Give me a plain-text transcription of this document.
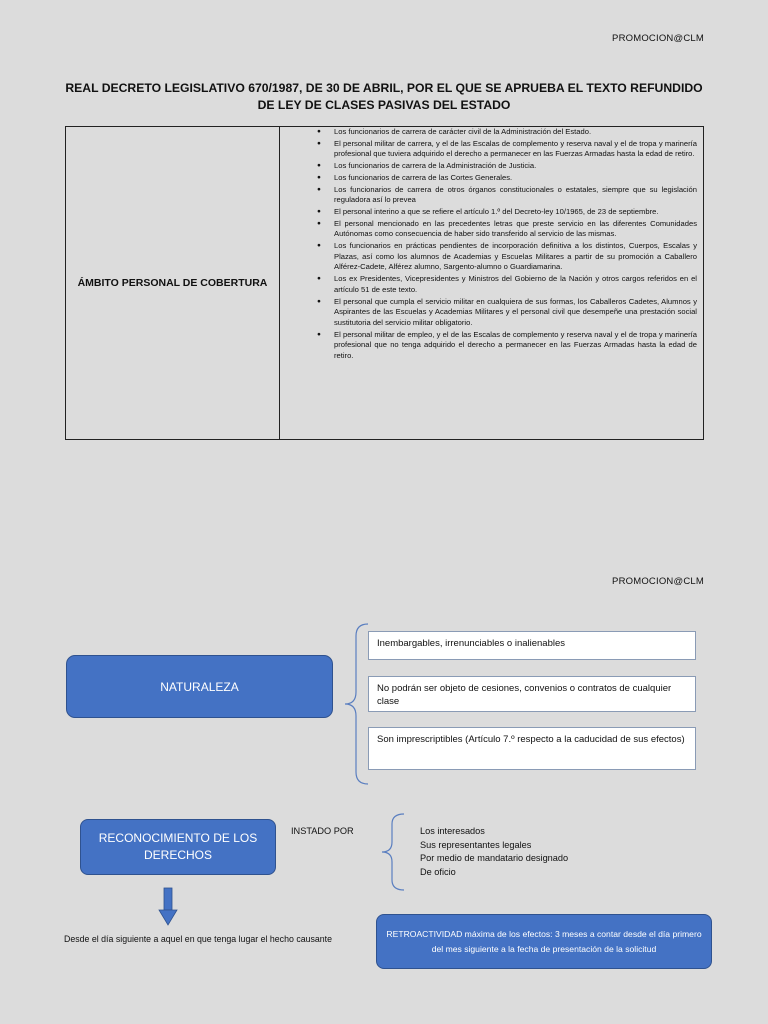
PROMOCION@CLM
REAL DECRETO LEGISLATIVO 670/1987, DE 30 DE ABRIL, POR EL QUE SE APRUEBA EL TEXTO REFUNDIDO DE LEY DE CLASES PASIVAS DEL ESTADO
ÁMBITO PERSONAL DE COBERTURA
● Los funcionarios de carrera de carácter civil de la Administración del Estado.
● El personal militar de carrera, y el de las Escalas de complemento y reserva naval y el de tropa y marinería profesional que tuviera adquirido el derecho a permanecer en las Fuerzas Armadas hasta la edad de retiro.
● Los funcionarios de carrera de la Administración de Justicia.
● Los funcionarios de carrera de las Cortes Generales.
● Los funcionarios de carrera de otros órganos constitucionales o estatales, siempre que su legislación reguladora así lo prevea
● El personal interino a que se refiere el artículo 1.º del Decreto-ley 10/1965, de 23 de septiembre.
● El personal mencionado en las precedentes letras que preste servicio en las diferentes Comunidades Autónomas como consecuencia de haber sido transferido al servicio de las mismas.
● Los funcionarios en prácticas pendientes de incorporación definitiva a los distintos, Cuerpos, Escalas y Plazas, así como los alumnos de Academias y Escuelas Militares a partir de su promoción a Caballero Alférez-Cadete, Alférez alumno, Sargento-alumno o Guardiamarina.
● Los ex Presidentes, Vicepresidentes y Ministros del Gobierno de la Nación y otros cargos referidos en el artículo 51 de este texto.
● El personal que cumpla el servicio militar en cualquiera de sus formas, los Caballeros Cadetes, Alumnos y Aspirantes de las Escuelas y Academias Militares y el personal civil que desempeñe una prestación social sustitutoria del servicio militar obligatorio.
● El personal militar de empleo, y el de las Escalas de complemento y reserva naval y el de tropa y marinería profesional que no tenga adquirido el derecho a permanecer en las Fuerzas Armadas hasta la edad de retiro.
PROMOCION@CLM
NATURALEZA
Inembargables, irrenunciables o inalienables
No podrán ser objeto de cesiones, convenios o contratos de cualquier clase
Son imprescriptibles (Artículo 7.º respecto a la caducidad de sus efectos)
RECONOCIMIENTO DE LOS DERECHOS
INSTADO POR	Los interesados
Sus representantes legales
Por medio de mandatario designado
De oficio
Desde el día siguiente a aquel en que tenga lugar el hecho causante
RETROACTIVIDAD máxima de los efectos: 3 meses a contar desde el día primero del mes siguiente a la fecha de presentación de la solicitud
